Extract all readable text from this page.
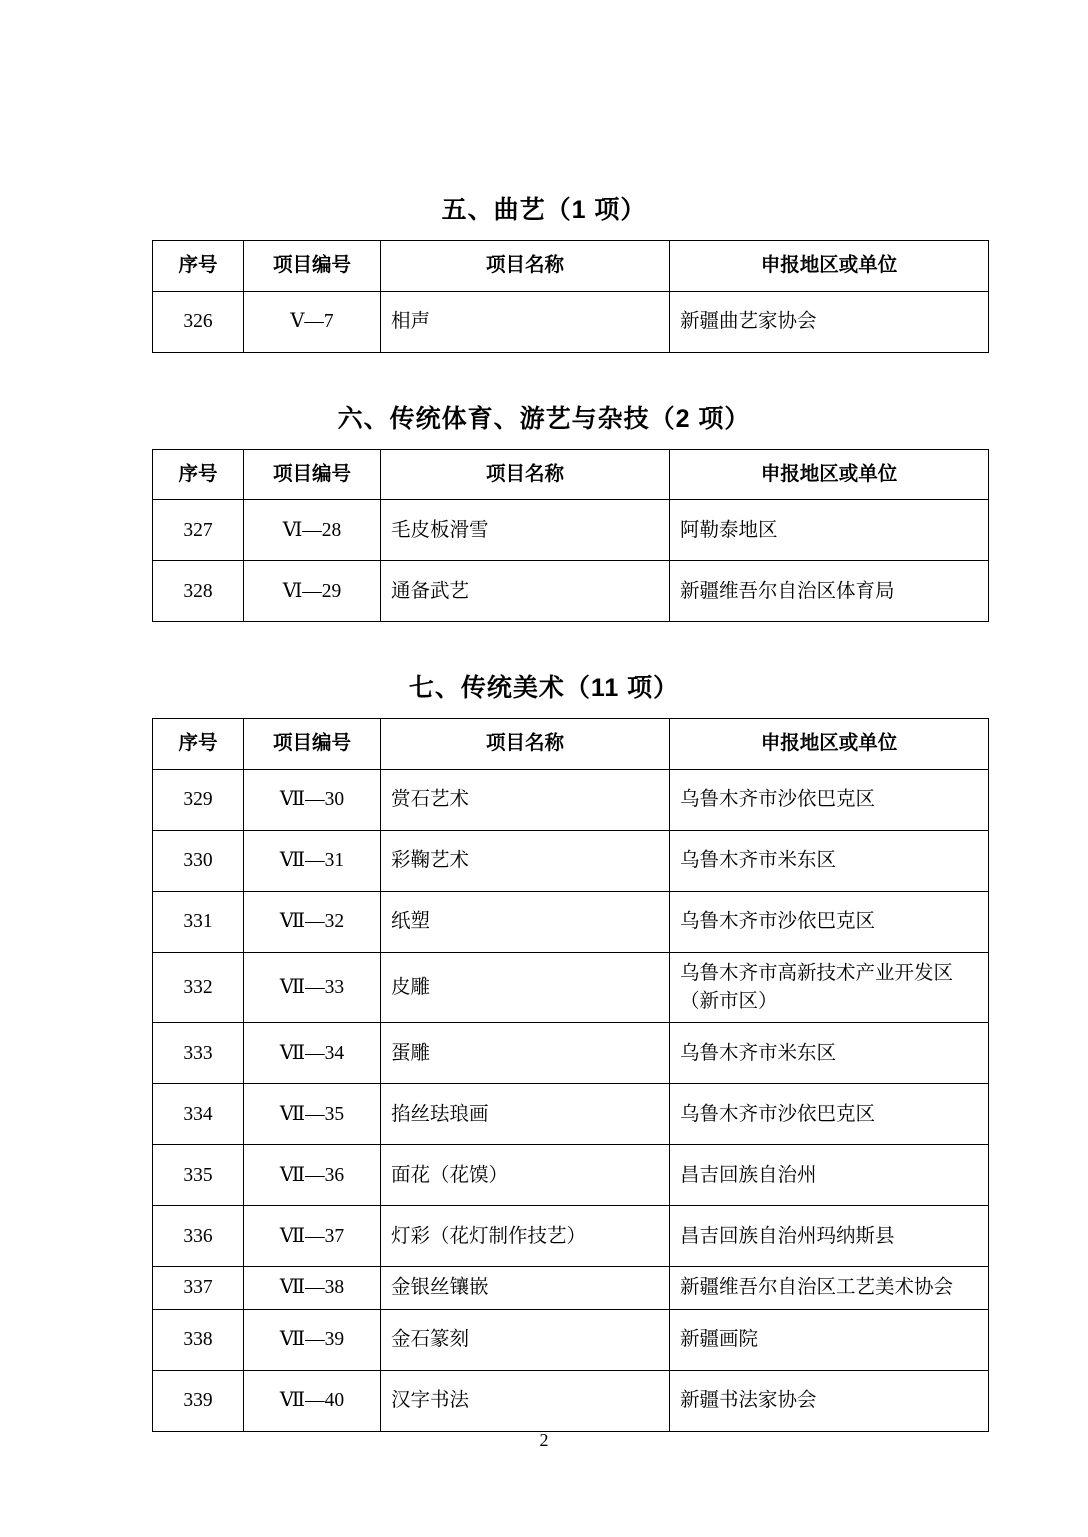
五、曲艺（1 项）
序号	项目编号	项目名称	申报地区或单位
326	Ⅴ—7	相声	新疆曲艺家协会
六、传统体育、游艺与杂技（2 项）
序号	项目编号	项目名称	申报地区或单位
327	Ⅵ—28	毛皮板滑雪	阿勒泰地区
328	Ⅵ—29	通备武艺	新疆维吾尔自治区体育局
七、传统美术（11 项）
序号	项目编号	项目名称	申报地区或单位
329	Ⅶ—30	赏石艺术	乌鲁木齐市沙依巴克区
330	Ⅶ—31	彩鞠艺术	乌鲁木齐市米东区
331	Ⅶ—32	纸塑	乌鲁木齐市沙依巴克区
332	Ⅶ—33	皮雕	乌鲁木齐市高新技术产业开发区（新市区）
333	Ⅶ—34	蛋雕	乌鲁木齐市米东区
334	Ⅶ—35	掐丝珐琅画	乌鲁木齐市沙依巴克区
335	Ⅶ—36	面花（花馍）	昌吉回族自治州
336	Ⅶ—37	灯彩（花灯制作技艺）	昌吉回族自治州玛纳斯县
337	Ⅶ—38	金银丝镶嵌	新疆维吾尔自治区工艺美术协会
338	Ⅶ—39	金石篆刻	新疆画院
339	Ⅶ—40	汉字书法	新疆书法家协会
2
